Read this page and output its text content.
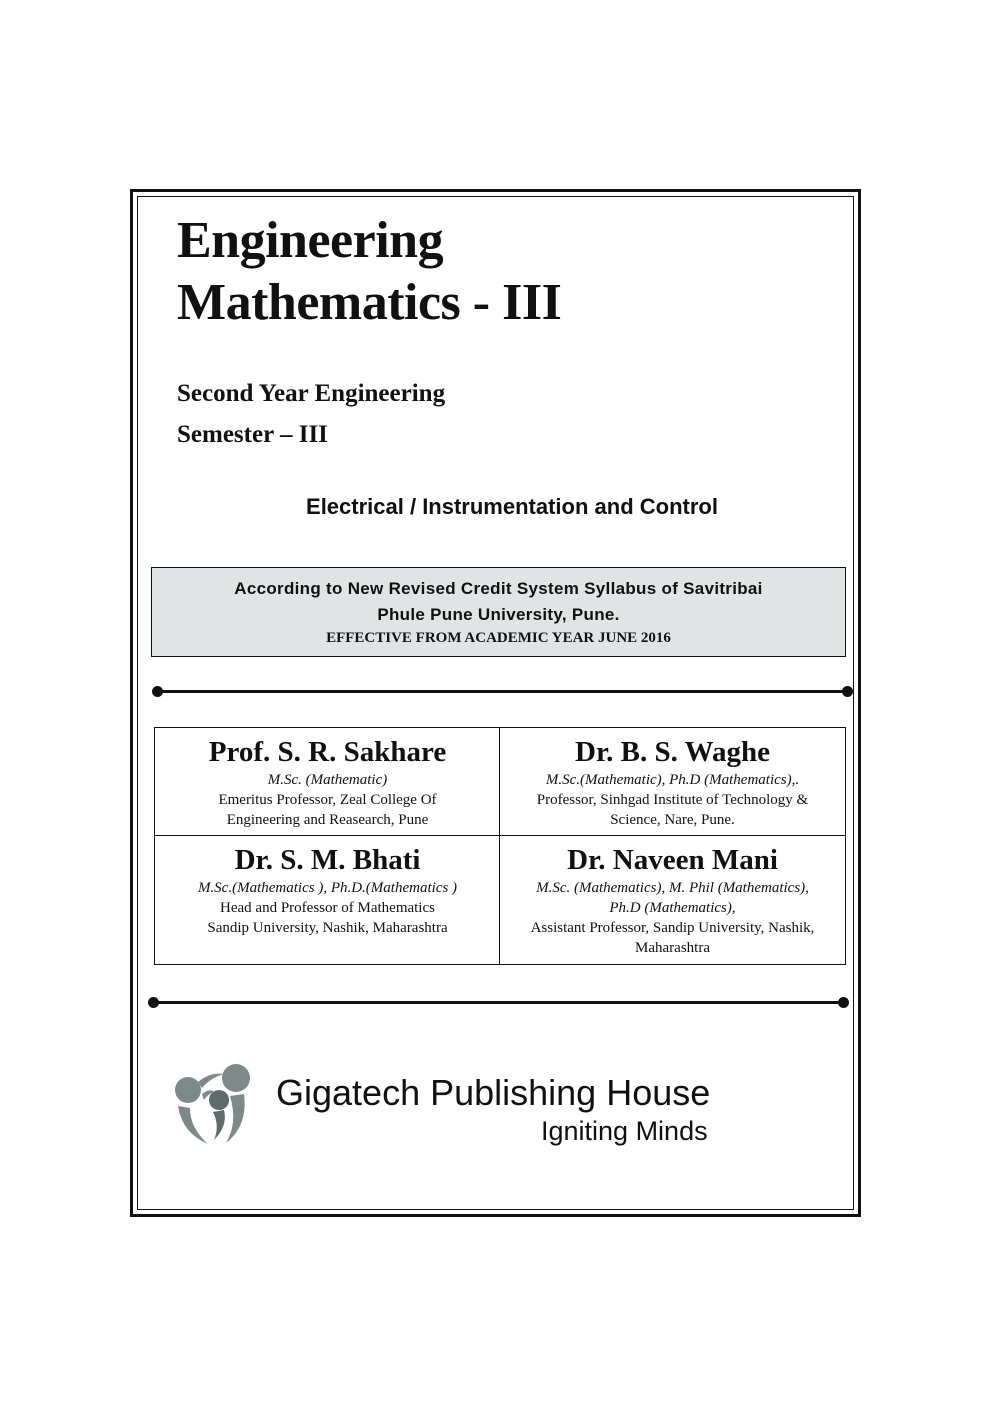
Engineering
Mathematics - III
Second Year Engineering
Semester – III
Electrical / Instrumentation and Control
According to New Revised Credit System Syllabus of Savitribai
Phule Pune University, Pune.
EFFECTIVE FROM ACADEMIC YEAR JUNE 2016
Prof. S. R. Sakhare
M.Sc. (Mathematic)
Emeritus Professor, Zeal College Of
Engineering and Reasearch, Pune
Dr. B. S. Waghe
M.Sc.(Mathematic), Ph.D (Mathematics),.
Professor, Sinhgad Institute of Technology &
Science, Nare, Pune.
Dr. S. M. Bhati
M.Sc.(Mathematics ), Ph.D.(Mathematics )
Head and Professor of Mathematics
Sandip University, Nashik, Maharashtra
Dr. Naveen Mani
M.Sc. (Mathematics), M. Phil (Mathematics),
Ph.D (Mathematics),
Assistant Professor, Sandip University, Nashik,
Maharashtra
Gigatech Publishing House
Igniting Minds
